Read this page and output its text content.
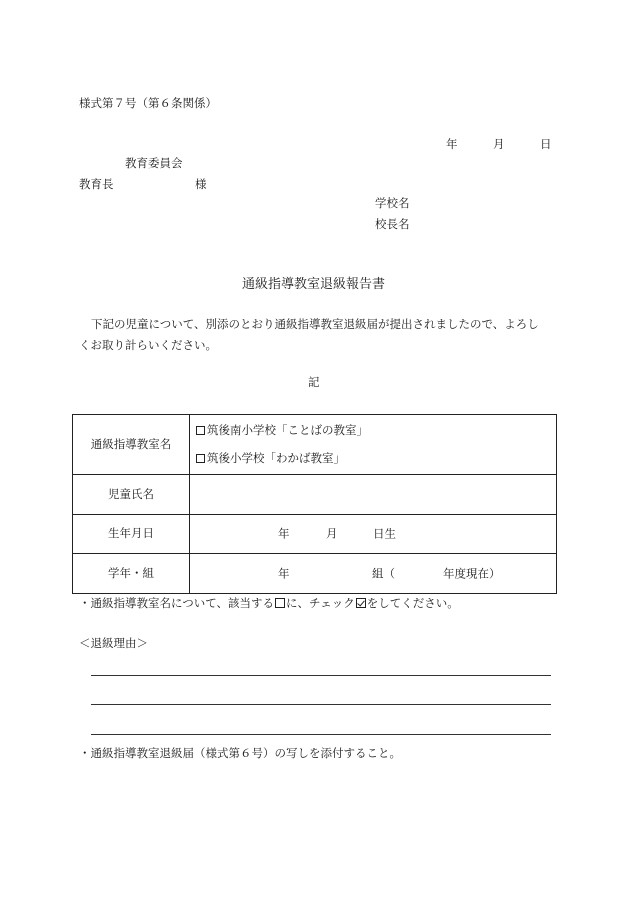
様式第７号（第６条関係）
年	月	日
教育委員会
教育長	様
学校名
校長名
通級指導教室退級報告書
下記の児童について、別添のとおり通級指導教室退級届が提出されましたので、よろし
くお取り計らいください。
記
通級指導教室名	筑後南小学校「ことばの教室」
筑後小学校「わかば教室」

児童氏名	
生年月日	年 月 日生

学年・組	年 組（ 年度現在）
・通級指導教室名について、該当する に、チェック をしてください。
＜退級理由＞
・通級指導教室退級届（様式第６号）の写しを添付すること。
